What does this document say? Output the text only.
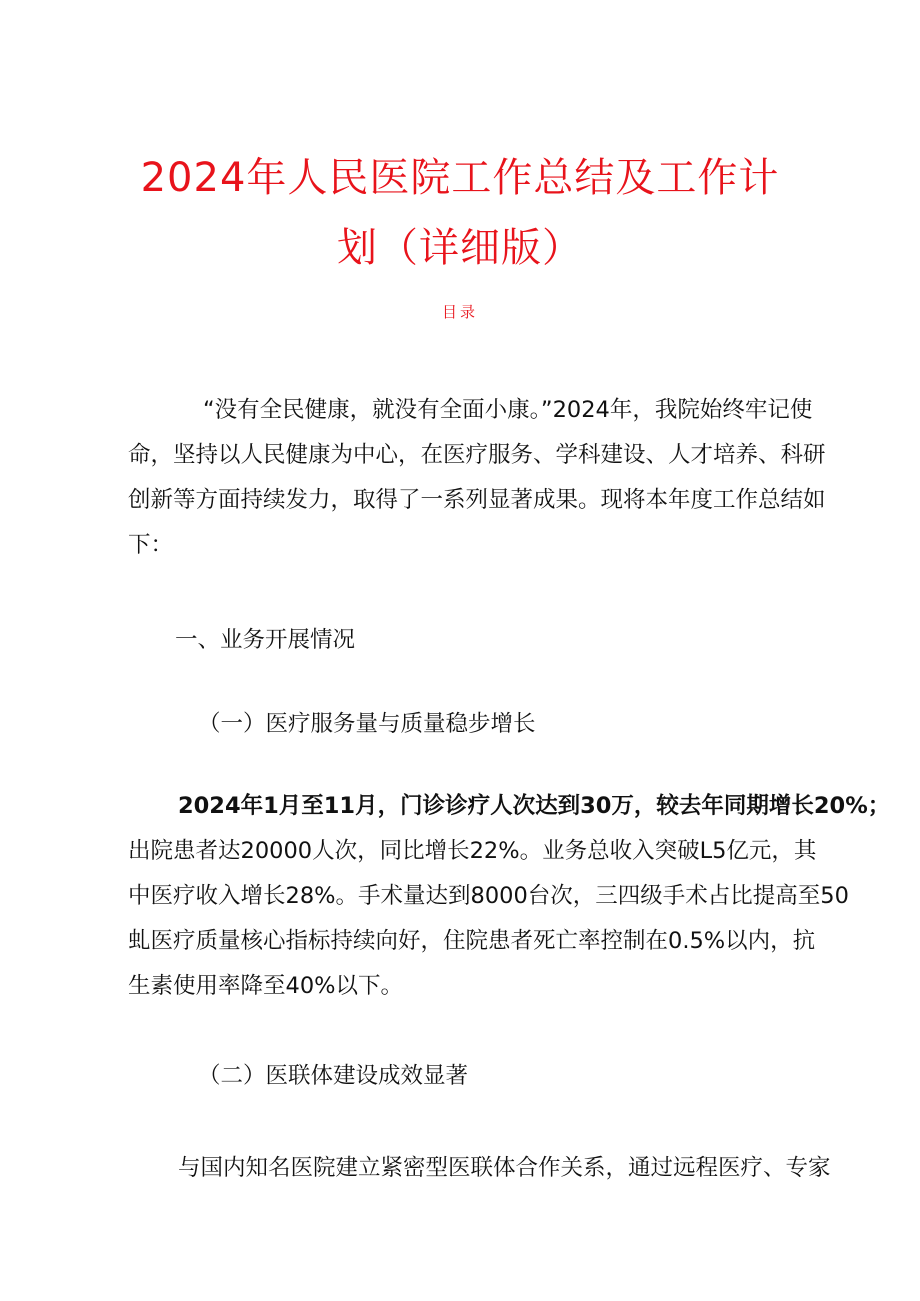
2024年人民医院工作总结及工作计
划（详细版）
目录
“没有全民健康，就没有全面小康。”2024年，我院始终牢记使
命，坚持以人民健康为中心，在医疗服务、学科建设、人才培养、科研
创新等方面持续发力，取得了一系列显著成果。现将本年度工作总结如
下：
一、业务开展情况
（一）医疗服务量与质量稳步增长
2024年1月至11月，门诊诊疗人次达到30万，较去年同期增长20%；
出院患者达20000人次，同比增长22%。业务总收入突破L5亿元，其
中医疗收入增长28%。手术量达到8000台次，三四级手术占比提高至50
虬医疗质量核心指标持续向好，住院患者死亡率控制在0.5%以内，抗
生素使用率降至40%以下。
（二）医联体建设成效显著
与国内知名医院建立紧密型医联体合作关系，通过远程医疗、专家
